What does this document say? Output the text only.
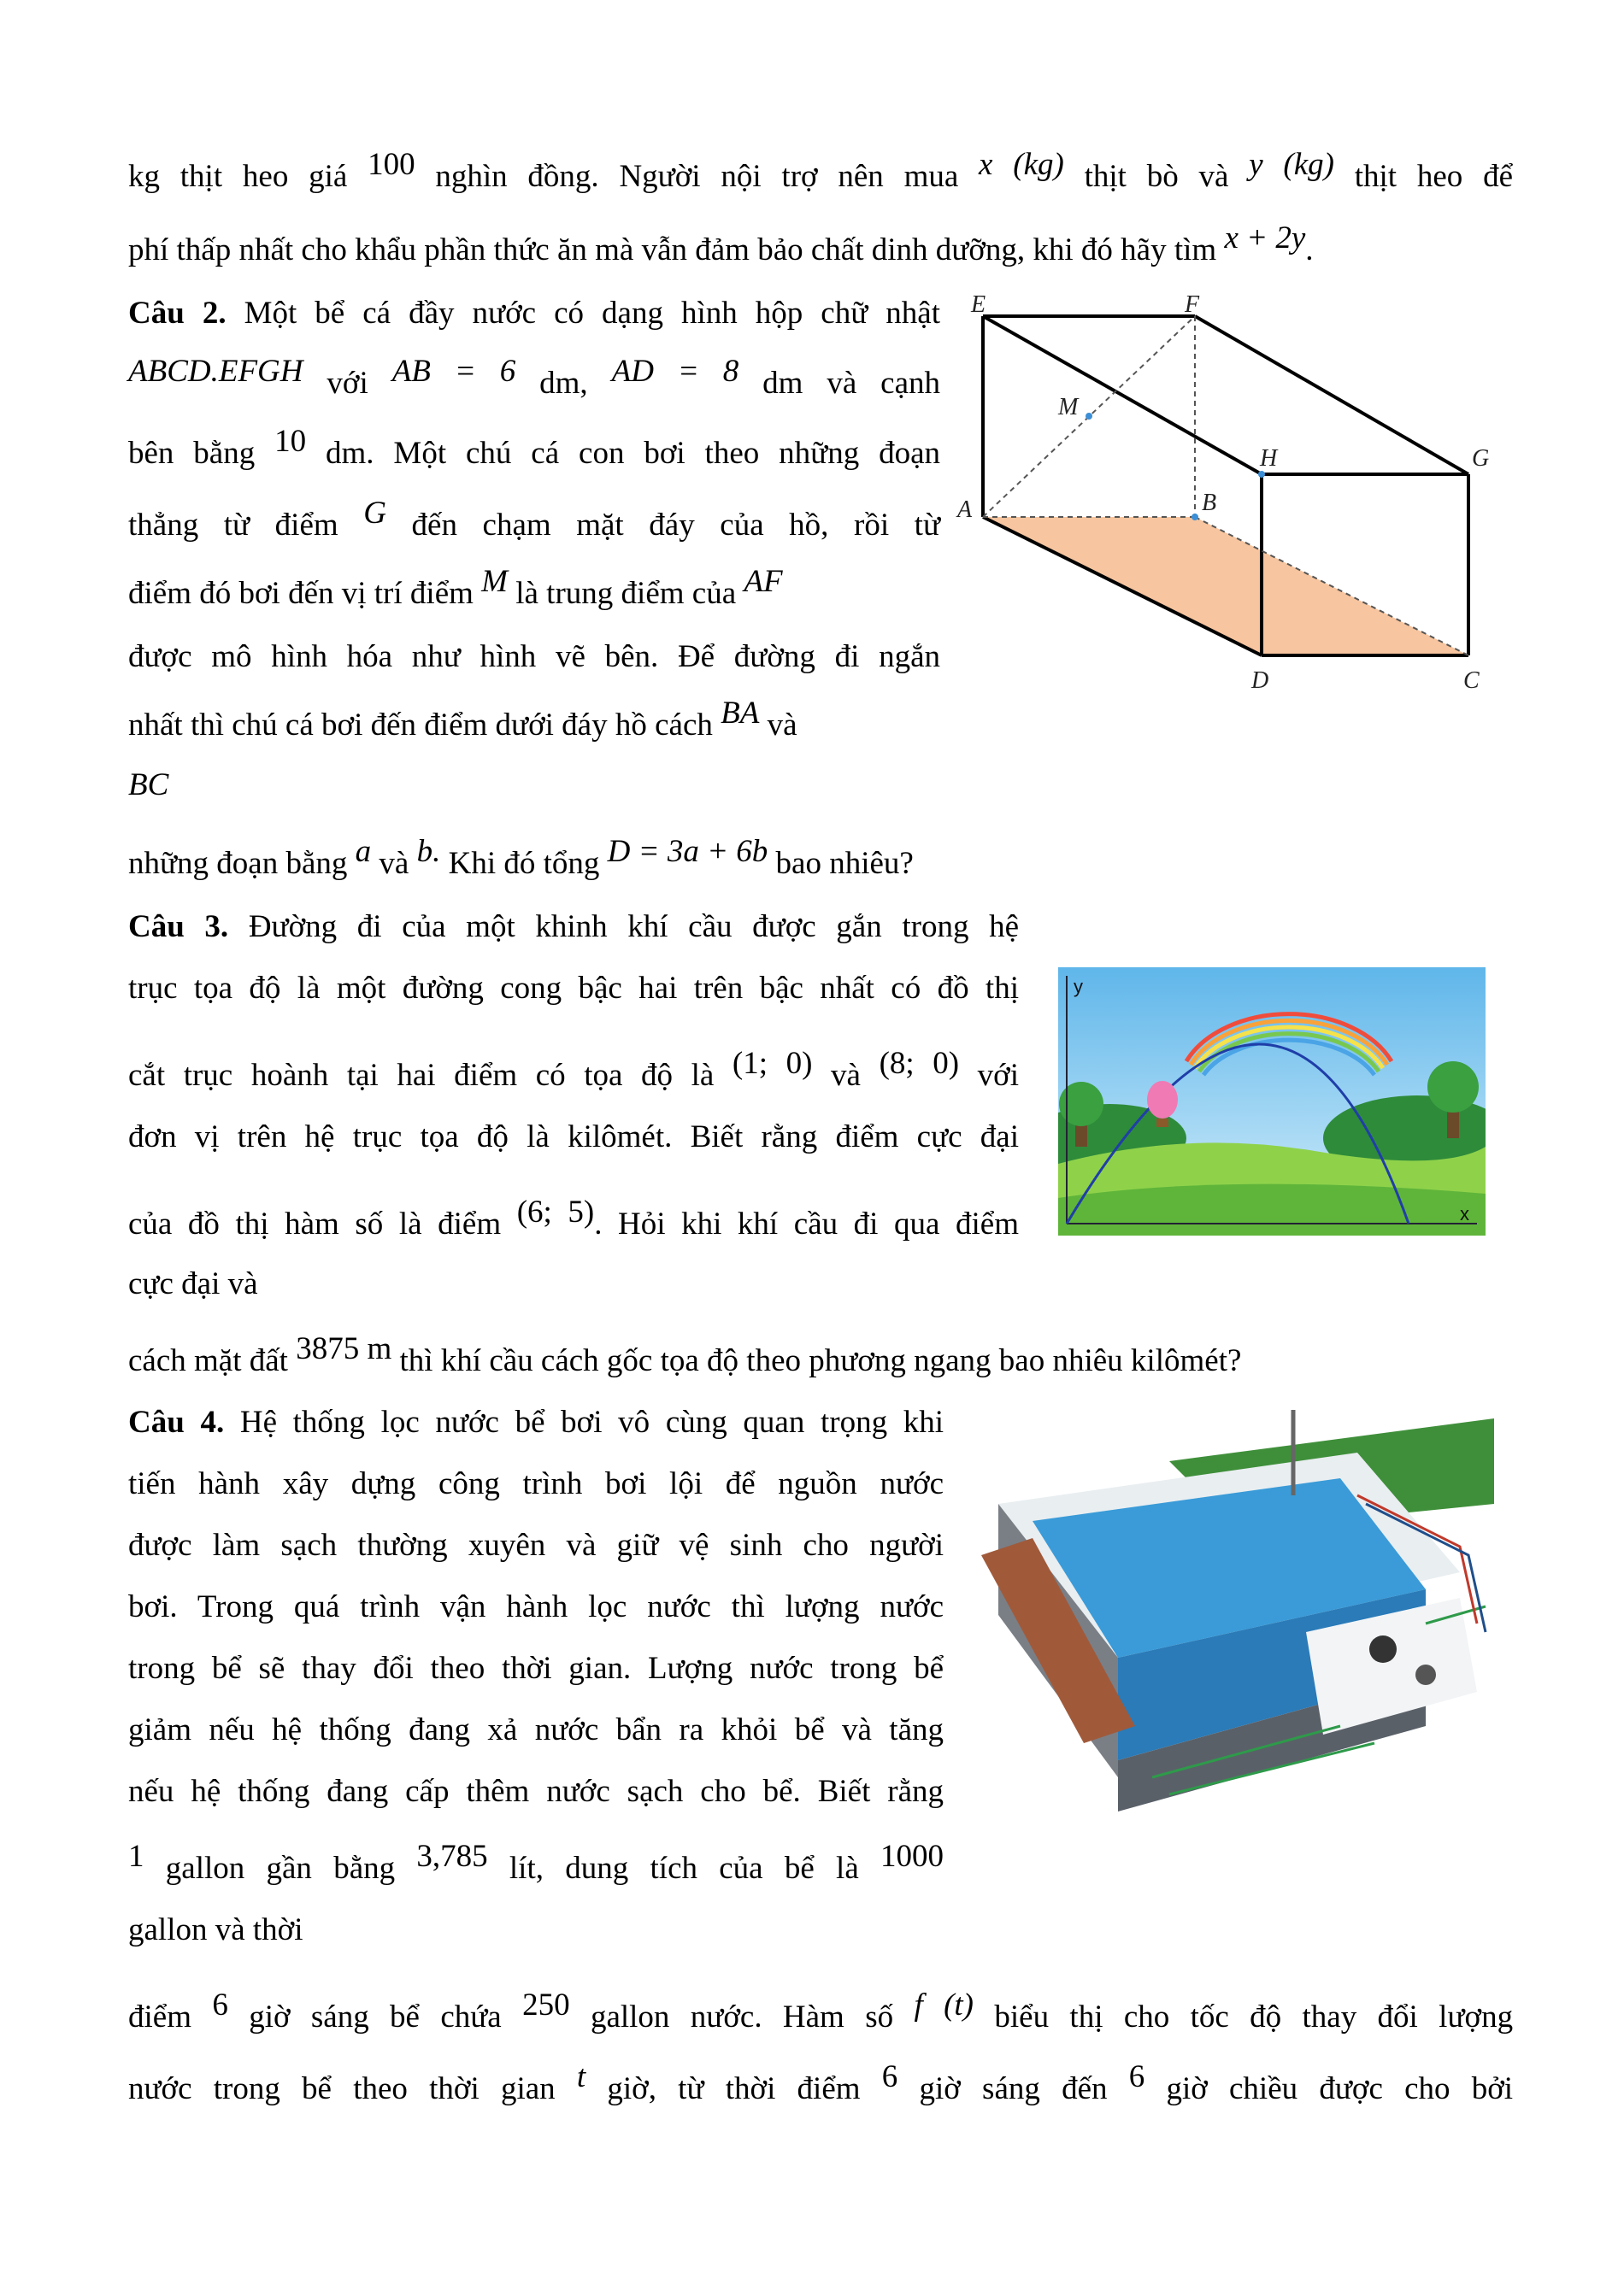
kg thịt heo giá 100 nghìn đồng. Người nội trợ nên mua x (kg) thịt bò và y (kg) thịt heo để
phí thấp nhất cho khẩu phần thức ăn mà vẫn đảm bảo chất dinh dưỡng, khi đó hãy tìm x + 2y.
Câu 2. Một bể cá đầy nước có dạng hình hộp chữ nhật
ABCD.EFGH với AB = 6 dm, AD = 8 dm và cạnh
bên bằng 10 dm. Một chú cá con bơi theo những đoạn
thẳng từ điểm G đến chạm mặt đáy của hồ, rồi từ
điểm đó bơi đến vị trí điểm M là trung điểm của AF
được mô hình hóa như hình vẽ bên. Để đường đi ngắn
nhất thì chú cá bơi đến điểm dưới đáy hồ cách BA và
BC
những đoạn bằng a và b. Khi đó tổng D = 3a + 6b bao nhiêu?
E	F
M
H	G
A	B
D	C
Câu 3. Đường đi của một khinh khí cầu được gắn trong hệ
trục tọa độ là một đường cong bậc hai trên bậc nhất có đồ thị
cắt trục hoành tại hai điểm có tọa độ là (1; 0) và (8; 0) với
đơn vị trên hệ trục tọa độ là kilômét. Biết rằng điểm cực đại
của đồ thị hàm số là điểm (6; 5). Hỏi khi khí cầu đi qua điểm
cực đại và
cách mặt đất 3875 m thì khí cầu cách gốc tọa độ theo phương ngang bao nhiêu kilômét?
y
x
Câu 4. Hệ thống lọc nước bể bơi vô cùng quan trọng khi
tiến hành xây dựng công trình bơi lội để nguồn nước
được làm sạch thường xuyên và giữ vệ sinh cho người
bơi. Trong quá trình vận hành lọc nước thì lượng nước
trong bể sẽ thay đổi theo thời gian. Lượng nước trong bể
giảm nếu hệ thống đang xả nước bẩn ra khỏi bể và tăng
nếu hệ thống đang cấp thêm nước sạch cho bể. Biết rằng
1 gallon gần bằng 3,785 lít, dung tích của bể là 1000
gallon và thời
điểm 6 giờ sáng bể chứa 250 gallon nước. Hàm số f (t) biểu thị cho tốc độ thay đổi lượng
nước trong bể theo thời gian t giờ, từ thời điểm 6 giờ sáng đến 6 giờ chiều được cho bởi
